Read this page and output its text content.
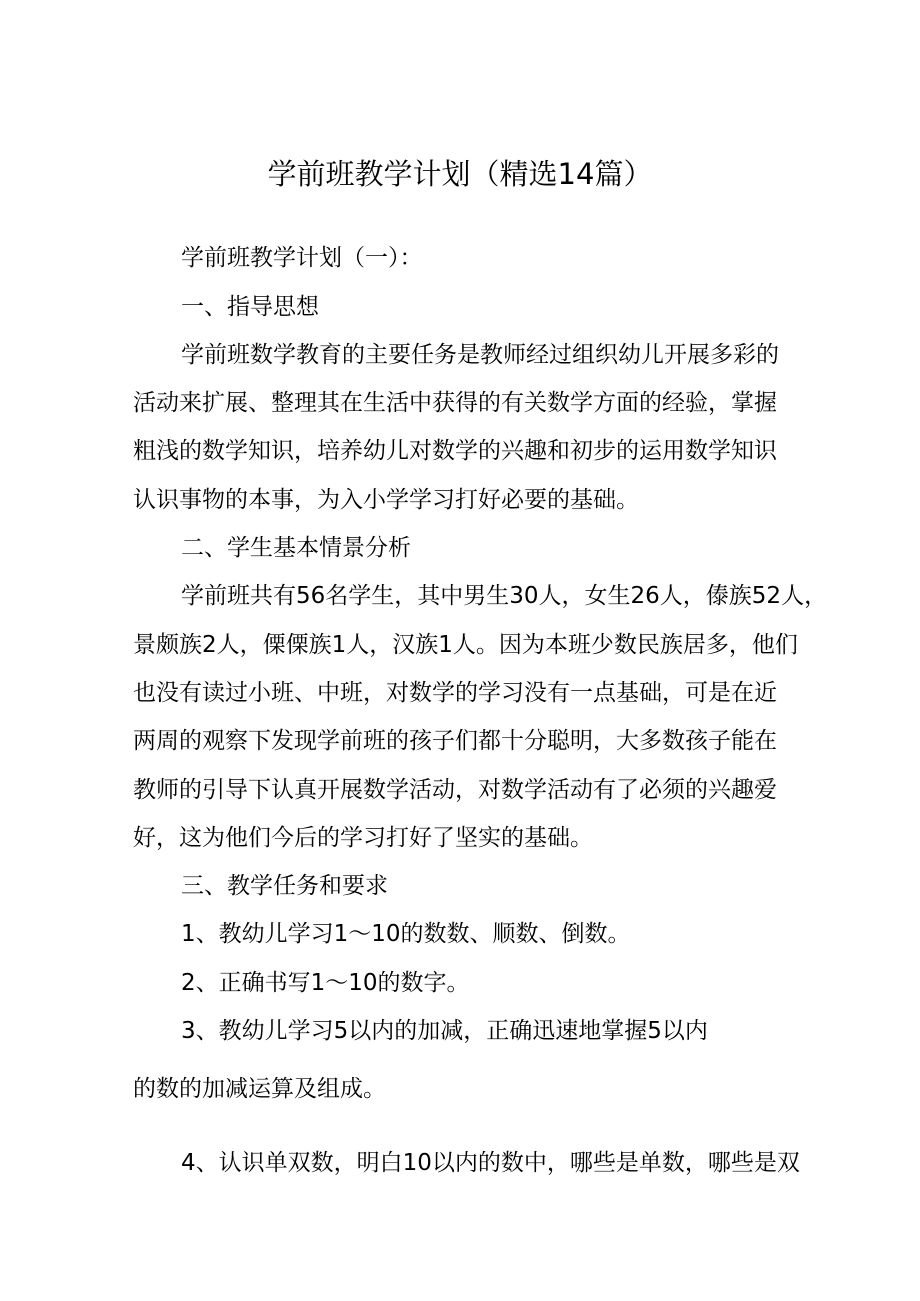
学前班教学计划（精选14篇）
学前班教学计划（一）：
一、指导思想
学前班数学教育的主要任务是教师经过组织幼儿开展多彩的
活动来扩展、整理其在生活中获得的有关数学方面的经验，掌握
粗浅的数学知识，培养幼儿对数学的兴趣和初步的运用数学知识
认识事物的本事，为入小学学习打好必要的基础。
二、学生基本情景分析
学前班共有56名学生，其中男生30人，女生26人，傣族52人，
景颇族2人，傈傈族1人，汉族1人。因为本班少数民族居多，他们
也没有读过小班、中班，对数学的学习没有一点基础，可是在近
两周的观察下发现学前班的孩子们都十分聪明，大多数孩子能在
教师的引导下认真开展数学活动，对数学活动有了必须的兴趣爱
好，这为他们今后的学习打好了坚实的基础。
三、教学任务和要求
1、教幼儿学习1～10的数数、顺数、倒数。
2、正确书写1～10的数字。
3、教幼儿学习5以内的加减，正确迅速地掌握5以内
的数的加减运算及组成。
4、认识单双数，明白10以内的数中，哪些是单数，哪些是双
